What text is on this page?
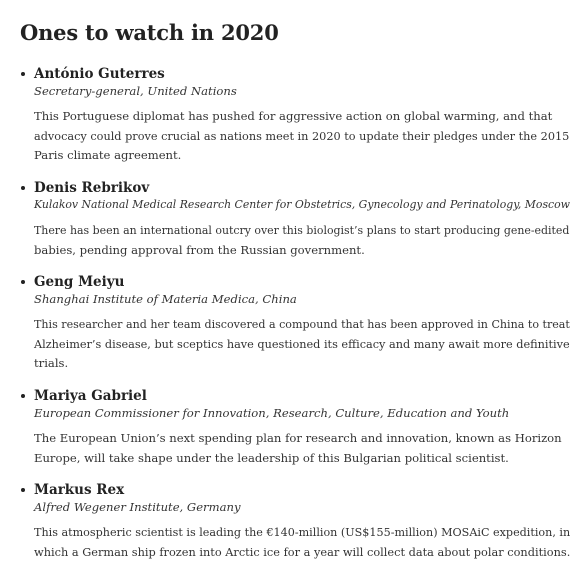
Ones to watch in 2020
António Guterres
Secretary-general, United Nations

This Portuguese diplomat has pushed for aggressive action on global warming, and that
advocacy could prove crucial as nations meet in 2020 to update their pledges under the 2015
Paris climate agreement.

Denis Rebrikov
Kulakov National Medical Research Center for Obstetrics, Gynecology and Perinatology, Moscow

There has been an international outcry over this biologist’s plans to start producing gene-edited
babies, pending approval from the Russian government.

Geng Meiyu
Shanghai Institute of Materia Medica, China

This researcher and her team discovered a compound that has been approved in China to treat
Alzheimer’s disease, but sceptics have questioned its efficacy and many await more definitive
trials.

Mariya Gabriel
European Commissioner for Innovation, Research, Culture, Education and Youth

The European Union’s next spending plan for research and innovation, known as Horizon
Europe, will take shape under the leadership of this Bulgarian political scientist.

Markus Rex
Alfred Wegener Institute, Germany

This atmospheric scientist is leading the €140-million (US$155-million) MOSAiC expedition, in
which a German ship frozen into Arctic ice for a year will collect data about polar conditions.
